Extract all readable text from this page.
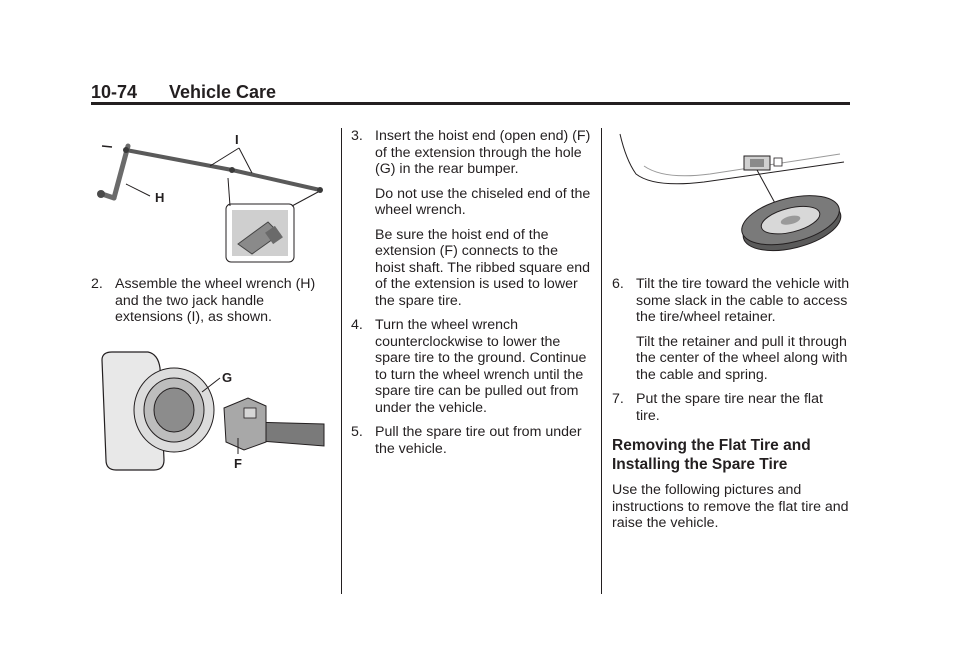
10-74 Vehicle Care
I
H
G
F
2. Assemble the wheel wrench (H) and the two jack handle extensions (I), as shown.
3. Insert the hoist end (open end) (F) of the extension through the hole (G) in the rear bumper.
Do not use the chiseled end of the wheel wrench.
Be sure the hoist end of the extension (F) connects to the hoist shaft. The ribbed square end of the extension is used to lower the spare tire.
4. Turn the wheel wrench counterclockwise to lower the spare tire to the ground. Continue to turn the wheel wrench until the spare tire can be pulled out from under the vehicle.
5. Pull the spare tire out from under the vehicle.
6. Tilt the tire toward the vehicle with some slack in the cable to access the tire/wheel retainer.
Tilt the retainer and pull it through the center of the wheel along with the cable and spring.
7. Put the spare tire near the flat tire.
Removing the Flat Tire and Installing the Spare Tire

Use the following pictures and instructions to remove the flat tire and raise the vehicle.
